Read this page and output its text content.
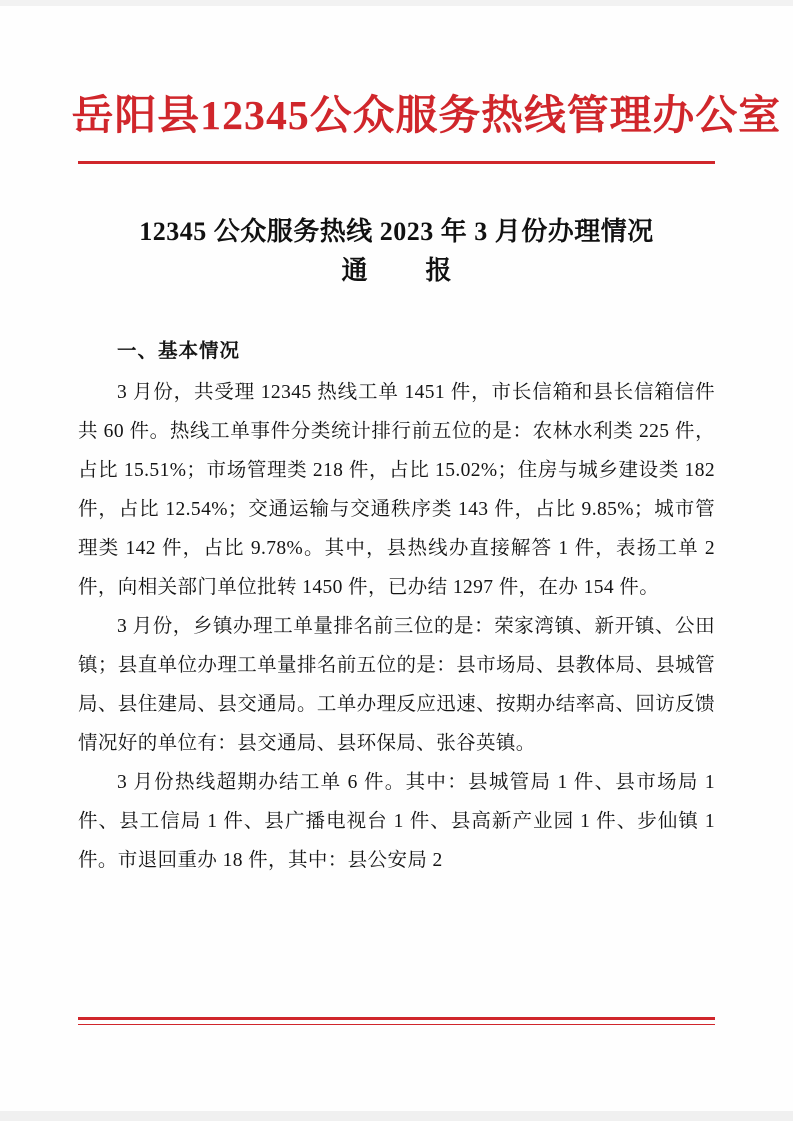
岳阳县12345公众服务热线管理办公室
12345 公众服务热线 2023 年 3 月份办理情况
通　报
一、基本情况

3 月份，共受理 12345 热线工单 1451 件，市长信箱和县长信箱信件共 60 件。热线工单事件分类统计排行前五位的是：农林水利类 225 件，占比 15.51%；市场管理类 218 件，占比 15.02%；住房与城乡建设类 182 件，占比 12.54%；交通运输与交通秩序类 143 件，占比 9.85%；城市管理类 142 件，占比 9.78%。其中，县热线办直接解答 1 件，表扬工单 2 件，向相关部门单位批转 1450 件，已办结 1297 件，在办 154 件。

3 月份，乡镇办理工单量排名前三位的是：荣家湾镇、新开镇、公田镇；县直单位办理工单量排名前五位的是：县市场局、县教体局、县城管局、县住建局、县交通局。工单办理反应迅速、按期办结率高、回访反馈情况好的单位有：县交通局、县环保局、张谷英镇。

3 月份热线超期办结工单 6 件。其中：县城管局 1 件、县市场局 1 件、县工信局 1 件、县广播电视台 1 件、县高新产业园 1 件、步仙镇 1 件。市退回重办 18 件，其中：县公安局 2
